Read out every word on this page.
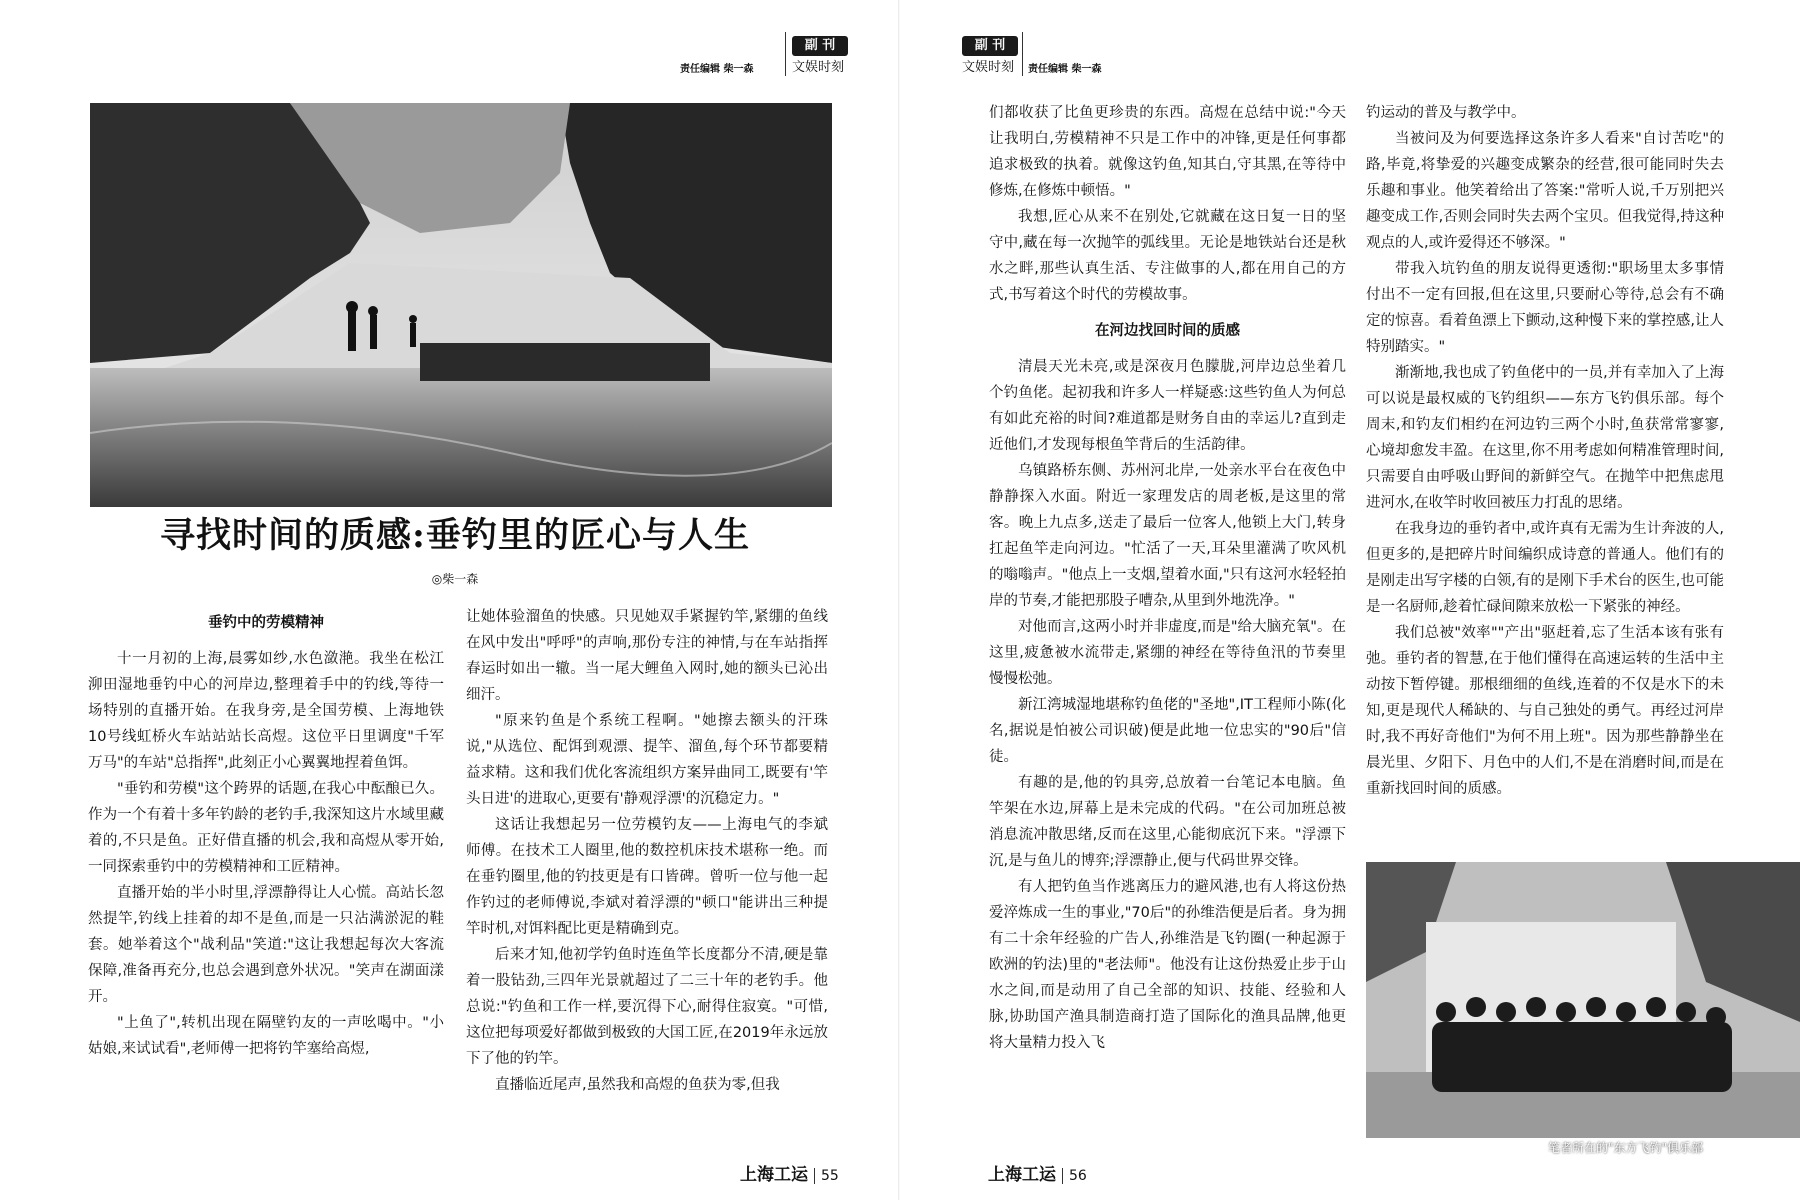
责任编辑 柴一森
副 刊
文娱时刻
寻找时间的质感:垂钓里的匠心与人生
◎柴一森
垂钓中的劳模精神

十一月初的上海,晨雾如纱,水色潋滟。我坐在松江泖田湿地垂钓中心的河岸边,整理着手中的钓线,等待一场特别的直播开始。在我身旁,是全国劳模、上海地铁10号线虹桥火车站站站长高煜。这位平日里调度"千军万马"的车站"总指挥",此刻正小心翼翼地捏着鱼饵。

"垂钓和劳模"这个跨界的话题,在我心中酝酿已久。作为一个有着十多年钓龄的老钓手,我深知这片水域里藏着的,不只是鱼。正好借直播的机会,我和高煜从零开始,一同探索垂钓中的劳模精神和工匠精神。

直播开始的半小时里,浮漂静得让人心慌。高站长忽然提竿,钓线上挂着的却不是鱼,而是一只沾满淤泥的鞋套。她举着这个"战利品"笑道:"这让我想起每次大客流保障,准备再充分,也总会遇到意外状况。"笑声在湖面漾开。

"上鱼了",转机出现在隔壁钓友的一声吆喝中。"小姑娘,来试试看",老师傅一把将钓竿塞给高煜,

让她体验溜鱼的快感。只见她双手紧握钓竿,紧绷的鱼线在风中发出"呼呼"的声响,那份专注的神情,与在车站指挥春运时如出一辙。当一尾大鲤鱼入网时,她的额头已沁出细汗。

"原来钓鱼是个系统工程啊。"她擦去额头的汗珠说,"从选位、配饵到观漂、提竿、溜鱼,每个环节都要精益求精。这和我们优化客流组织方案异曲同工,既要有'竿头日进'的进取心,更要有'静观浮漂'的沉稳定力。"

这话让我想起另一位劳模钓友——上海电气的李斌师傅。在技术工人圈里,他的数控机床技术堪称一绝。而在垂钓圈里,他的钓技更是有口皆碑。曾听一位与他一起作钓过的老师傅说,李斌对着浮漂的"顿口"能讲出三种提竿时机,对饵料配比更是精确到克。

后来才知,他初学钓鱼时连鱼竿长度都分不清,硬是靠着一股钻劲,三四年光景就超过了二三十年的老钓手。他总说:"钓鱼和工作一样,要沉得下心,耐得住寂寞。"可惜,这位把每项爱好都做到极致的大国工匠,在2019年永远放下了他的钓竿。

直播临近尾声,虽然我和高煜的鱼获为零,但我

上海工运 55
副 刊
文娱时刻 责任编辑 柴一森

们都收获了比鱼更珍贵的东西。高煜在总结中说:"今天让我明白,劳模精神不只是工作中的冲锋,更是任何事都追求极致的执着。就像这钓鱼,知其白,守其黑,在等待中修炼,在修炼中顿悟。"

我想,匠心从来不在别处,它就藏在这日复一日的坚守中,藏在每一次抛竿的弧线里。无论是地铁站台还是秋水之畔,那些认真生活、专注做事的人,都在用自己的方式,书写着这个时代的劳模故事。

在河边找回时间的质感

清晨天光未亮,或是深夜月色朦胧,河岸边总坐着几个钓鱼佬。起初我和许多人一样疑惑:这些钓鱼人为何总有如此充裕的时间?难道都是财务自由的幸运儿?直到走近他们,才发现每根鱼竿背后的生活韵律。

乌镇路桥东侧、苏州河北岸,一处亲水平台在夜色中静静探入水面。附近一家理发店的周老板,是这里的常客。晚上九点多,送走了最后一位客人,他锁上大门,转身扛起鱼竿走向河边。"忙活了一天,耳朵里灌满了吹风机的嗡嗡声。"他点上一支烟,望着水面,"只有这河水轻轻拍岸的节奏,才能把那股子嘈杂,从里到外地洗净。"

对他而言,这两小时并非虚度,而是"给大脑充氧"。在这里,疲惫被水流带走,紧绷的神经在等待鱼汛的节奏里慢慢松弛。

新江湾城湿地堪称钓鱼佬的"圣地",IT工程师小陈(化名,据说是怕被公司识破)便是此地一位忠实的"90后"信徒。

有趣的是,他的钓具旁,总放着一台笔记本电脑。鱼竿架在水边,屏幕上是未完成的代码。"在公司加班总被消息流冲散思绪,反而在这里,心能彻底沉下来。"浮漂下沉,是与鱼儿的博弈;浮漂静止,便与代码世界交锋。

有人把钓鱼当作逃离压力的避风港,也有人将这份热爱淬炼成一生的事业,"70后"的孙维浩便是后者。身为拥有二十余年经验的广告人,孙维浩是飞钓圈(一种起源于欧洲的钓法)里的"老法师"。他没有让这份热爱止步于山水之间,而是动用了自己全部的知识、技能、经验和人脉,协助国产渔具制造商打造了国际化的渔具品牌,他更将大量精力投入飞

钓运动的普及与教学中。

当被问及为何要选择这条许多人看来"自讨苦吃"的路,毕竟,将挚爱的兴趣变成繁杂的经营,很可能同时失去乐趣和事业。他笑着给出了答案:"常听人说,千万别把兴趣变成工作,否则会同时失去两个宝贝。但我觉得,持这种观点的人,或许爱得还不够深。"

带我入坑钓鱼的朋友说得更透彻:"职场里太多事情付出不一定有回报,但在这里,只要耐心等待,总会有不确定的惊喜。看着鱼漂上下颤动,这种慢下来的掌控感,让人特别踏实。"

渐渐地,我也成了钓鱼佬中的一员,并有幸加入了上海可以说是最权威的飞钓组织——东方飞钓俱乐部。每个周末,和钓友们相约在河边钓三两个小时,鱼获常常寥寥,心境却愈发丰盈。在这里,你不用考虑如何精准管理时间,只需要自由呼吸山野间的新鲜空气。在抛竿中把焦虑甩进河水,在收竿时收回被压力打乱的思绪。

在我身边的垂钓者中,或许真有无需为生计奔波的人,但更多的,是把碎片时间编织成诗意的普通人。他们有的是刚走出写字楼的白领,有的是刚下手术台的医生,也可能是一名厨师,趁着忙碌间隙来放松一下紧张的神经。

我们总被"效率""产出"驱赶着,忘了生活本该有张有弛。垂钓者的智慧,在于他们懂得在高速运转的生活中主动按下暂停键。那根细细的鱼线,连着的不仅是水下的未知,更是现代人稀缺的、与自己独处的勇气。再经过河岸时,我不再好奇他们"为何不用上班"。因为那些静静坐在晨光里、夕阳下、月色中的人们,不是在消磨时间,而是在重新找回时间的质感。

上海工运 56
笔者所在的"东方飞钓"俱乐部
